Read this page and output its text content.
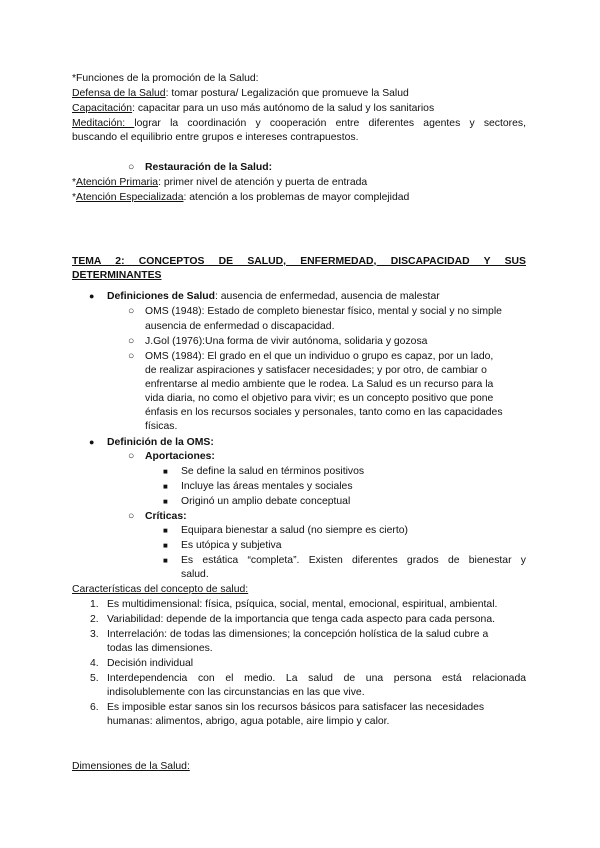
*Funciones de la promoción de la Salud:
Defensa de la Salud: tomar postura/ Legalización que promueve la Salud
Capacitación: capacitar para un uso más autónomo de la salud y los sanitarios
Meditación: lograr la coordinación y cooperación entre diferentes agentes y sectores,
buscando el equilibrio entre grupos e intereses contrapuestos.
○ Restauración de la Salud:
*Atención Primaria: primer nivel de atención y puerta de entrada
*Atención Especializada: atención a los problemas de mayor complejidad
TEMA 2: CONCEPTOS DE SALUD, ENFERMEDAD, DISCAPACIDAD Y SUS
DETERMINANTES
● Definiciones de Salud: ausencia de enfermedad, ausencia de malestar
○ OMS (1948): Estado de completo bienestar físico, mental y social y no simple
ausencia de enfermedad o discapacidad.
○ J.Gol (1976):Una forma de vivir autónoma, solidaria y gozosa
○ OMS (1984): El grado en el que un individuo o grupo es capaz, por un lado,
de realizar aspiraciones y satisfacer necesidades; y por otro, de cambiar o
enfrentarse al medio ambiente que le rodea. La Salud es un recurso para la
vida diaria, no como el objetivo para vivir; es un concepto positivo que pone
énfasis en los recursos sociales y personales, tanto como en las capacidades
físicas.
● Definición de la OMS:
○ Aportaciones:
■ Se define la salud en términos positivos
■ Incluye las áreas mentales y sociales
■ Originó un amplio debate conceptual
○ Críticas:
■ Equipara bienestar a salud (no siempre es cierto)
■ Es utópica y subjetiva
■ Es estática “completa”. Existen diferentes grados de bienestar y
salud.
Características del concepto de salud:
1. Es multidimensional: física, psíquica, social, mental, emocional, espiritual, ambiental.
2. Variabilidad: depende de la importancia que tenga cada aspecto para cada persona.
3. Interrelación: de todas las dimensiones; la concepción holística de la salud cubre a
todas las dimensiones.
4. Decisión individual
5. Interdependencia con el medio. La salud de una persona está relacionada
indisolublemente con las circunstancias en las que vive.
6. Es imposible estar sanos sin los recursos básicos para satisfacer las necesidades
humanas: alimentos, abrigo, agua potable, aire limpio y calor.
Dimensiones de la Salud:
